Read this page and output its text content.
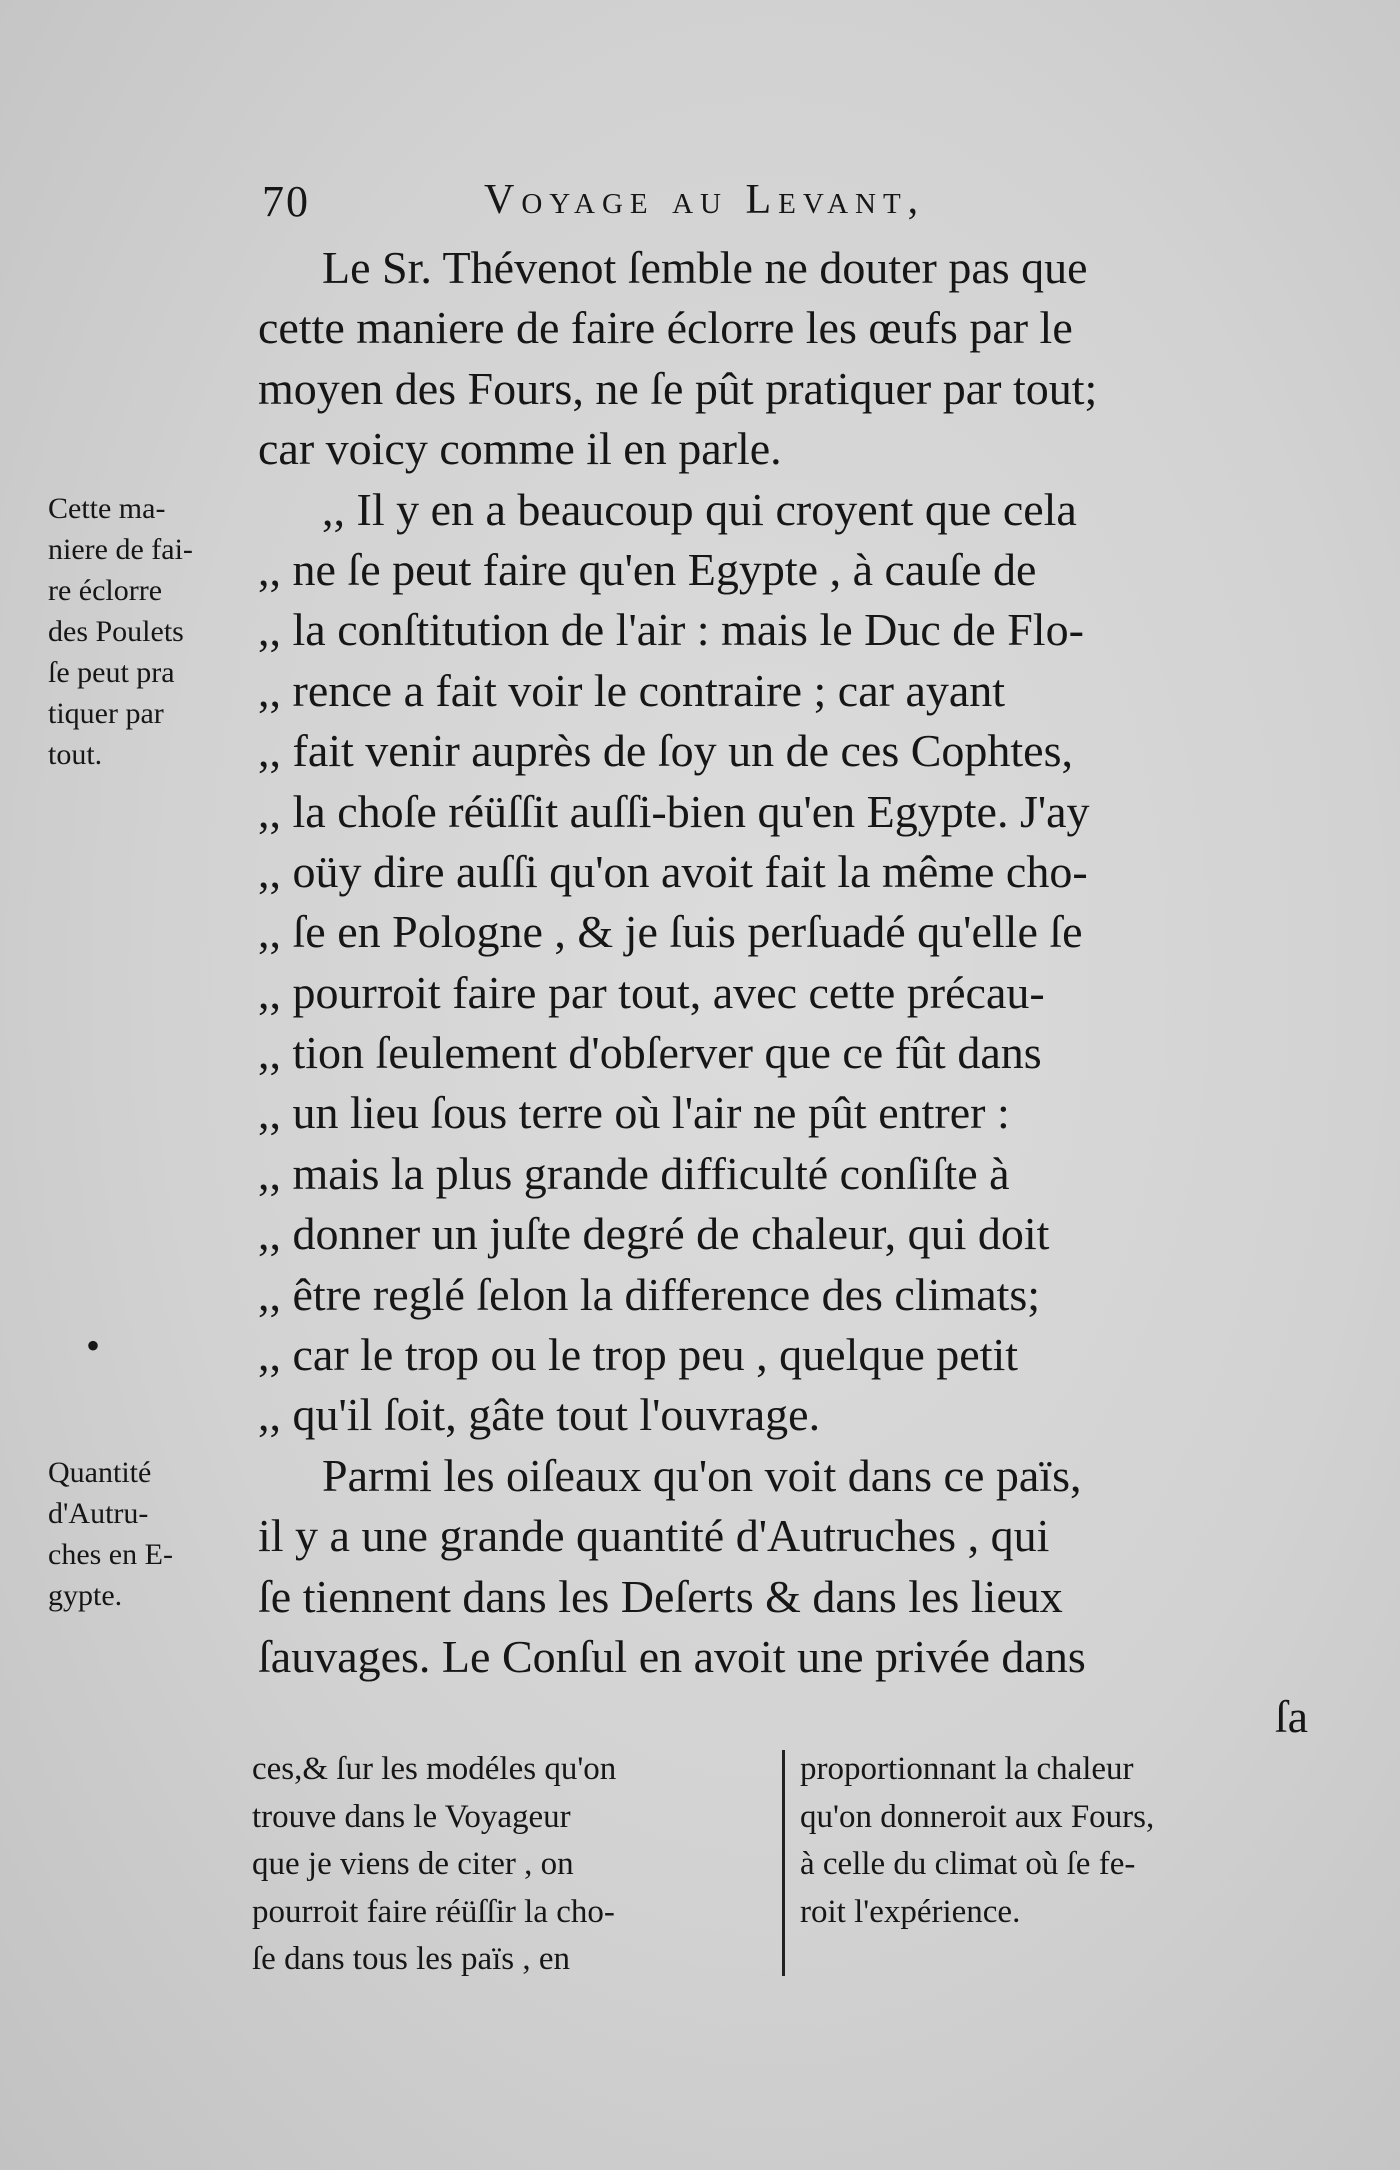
70	Voyage au Levant,
Le Sr. Thévenot ſemble ne douter pas que
cette maniere de faire éclorre les œufs par le
moyen des Fours, ne ſe pût pratiquer par tout;
car voicy comme il en parle.
,, Il y en a beaucoup qui croyent que cela
,, ne ſe peut faire qu'en Egypte , à cauſe de
,, la conſtitution de l'air : mais le Duc de Flo-
,, rence a fait voir le contraire ; car ayant
,, fait venir auprès de ſoy un de ces Cophtes,
,, la choſe réüſſit auſſi-bien qu'en Egypte. J'ay
,, oüy dire auſſi qu'on avoit fait la même cho-
,, ſe en Pologne , & je ſuis perſuadé qu'elle ſe
,, pourroit faire par tout, avec cette précau-
,, tion ſeulement d'obſerver que ce fût dans
,, un lieu ſous terre où l'air ne pût entrer :
,, mais la plus grande difficulté conſiſte à
,, donner un juſte degré de chaleur, qui doit
,, être reglé ſelon la difference des climats;
,, car le trop ou le trop peu , quelque petit
,, qu'il ſoit, gâte tout l'ouvrage.
Parmi les oiſeaux qu'on voit dans ce païs,
il y a une grande quantité d'Autruches , qui
ſe tiennent dans les Deſerts & dans les lieux
ſauvages. Le Conſul en avoit une privée dans
ſa
Cette ma-
niere de fai-
re éclorre
des Poulets
ſe peut pra
tiquer par
tout.
•
Quantité
d'Autru-
ches en E-
gypte.
ces,& ſur les modéles qu'on
trouve dans le Voyageur
que je viens de citer , on
pourroit faire réüſſir la cho-
ſe dans tous les païs , en
proportionnant la chaleur
qu'on donneroit aux Fours,
à celle du climat où ſe fe-
roit l'expérience.
